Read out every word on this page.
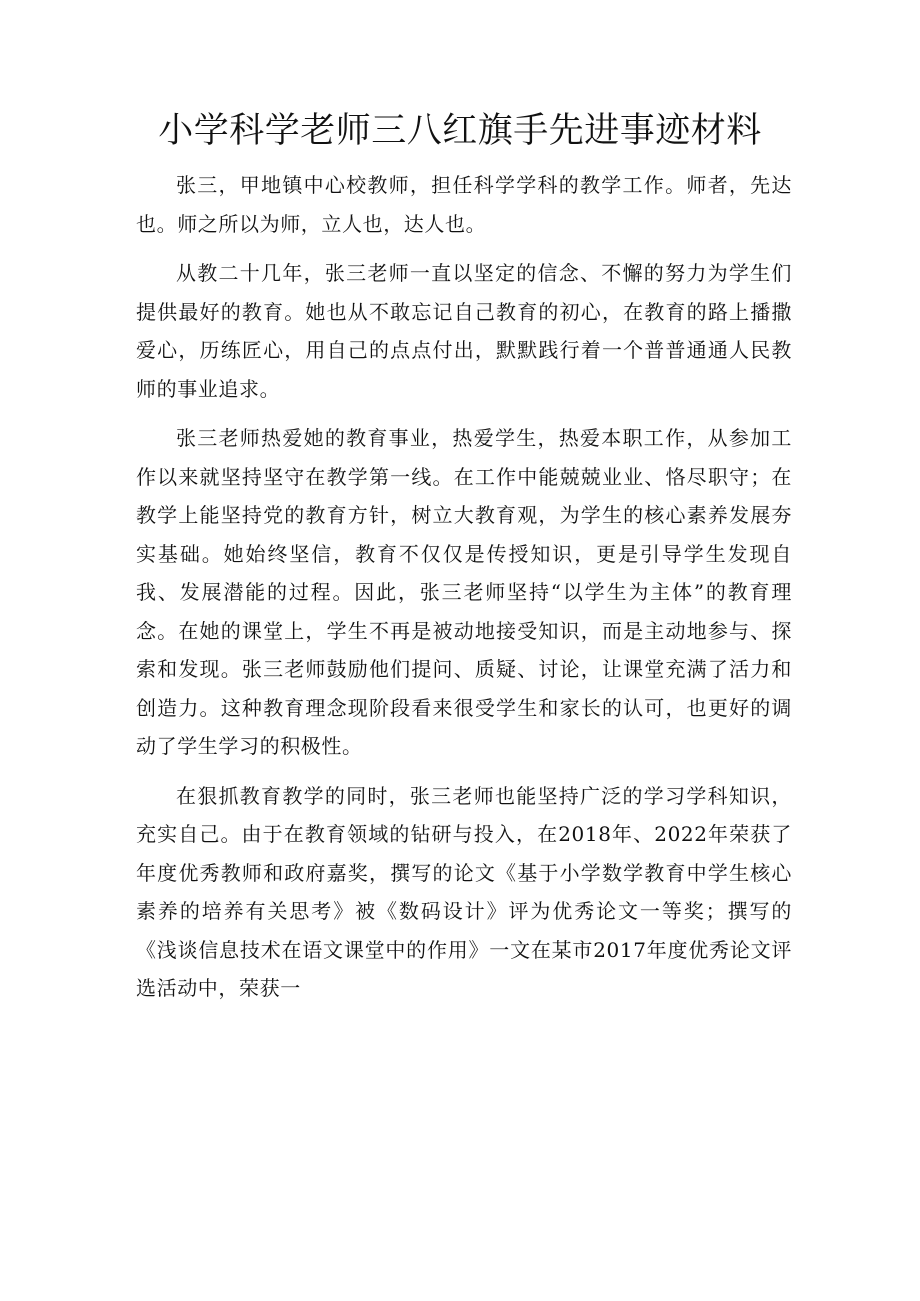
小学科学老师三八红旗手先进事迹材料

张三，甲地镇中心校教师，担任科学学科的教学工作。师者，先达也。师之所以为师，立人也，达人也。

从教二十几年，张三老师一直以坚定的信念、不懈的努力为学生们提供最好的教育。她也从不敢忘记自己教育的初心，在教育的路上播撒爱心，历练匠心，用自己的点点付出，默默践行着一个普普通通人民教师的事业追求。

张三老师热爱她的教育事业，热爱学生，热爱本职工作，从参加工作以来就坚持坚守在教学第一线。在工作中能兢兢业业、恪尽职守；在教学上能坚持党的教育方针，树立大教育观，为学生的核心素养发展夯实基础。她始终坚信，教育不仅仅是传授知识，更是引导学生发现自我、发展潜能的过程。因此，张三老师坚持“以学生为主体”的教育理念。在她的课堂上，学生不再是被动地接受知识，而是主动地参与、探索和发现。张三老师鼓励他们提问、质疑、讨论，让课堂充满了活力和创造力。这种教育理念现阶段看来很受学生和家长的认可，也更好的调动了学生学习的积极性。

在狠抓教育教学的同时，张三老师也能坚持广泛的学习学科知识，充实自己。由于在教育领域的钻研与投入，在2018年、2022年荣获了年度优秀教师和政府嘉奖，撰写的论文《基于小学数学教育中学生核心素养的培养有关思考》被《数码设计》评为优秀论文一等奖；撰写的《浅谈信息技术在语文课堂中的作用》一文在某市2017年度优秀论文评选活动中，荣获一
